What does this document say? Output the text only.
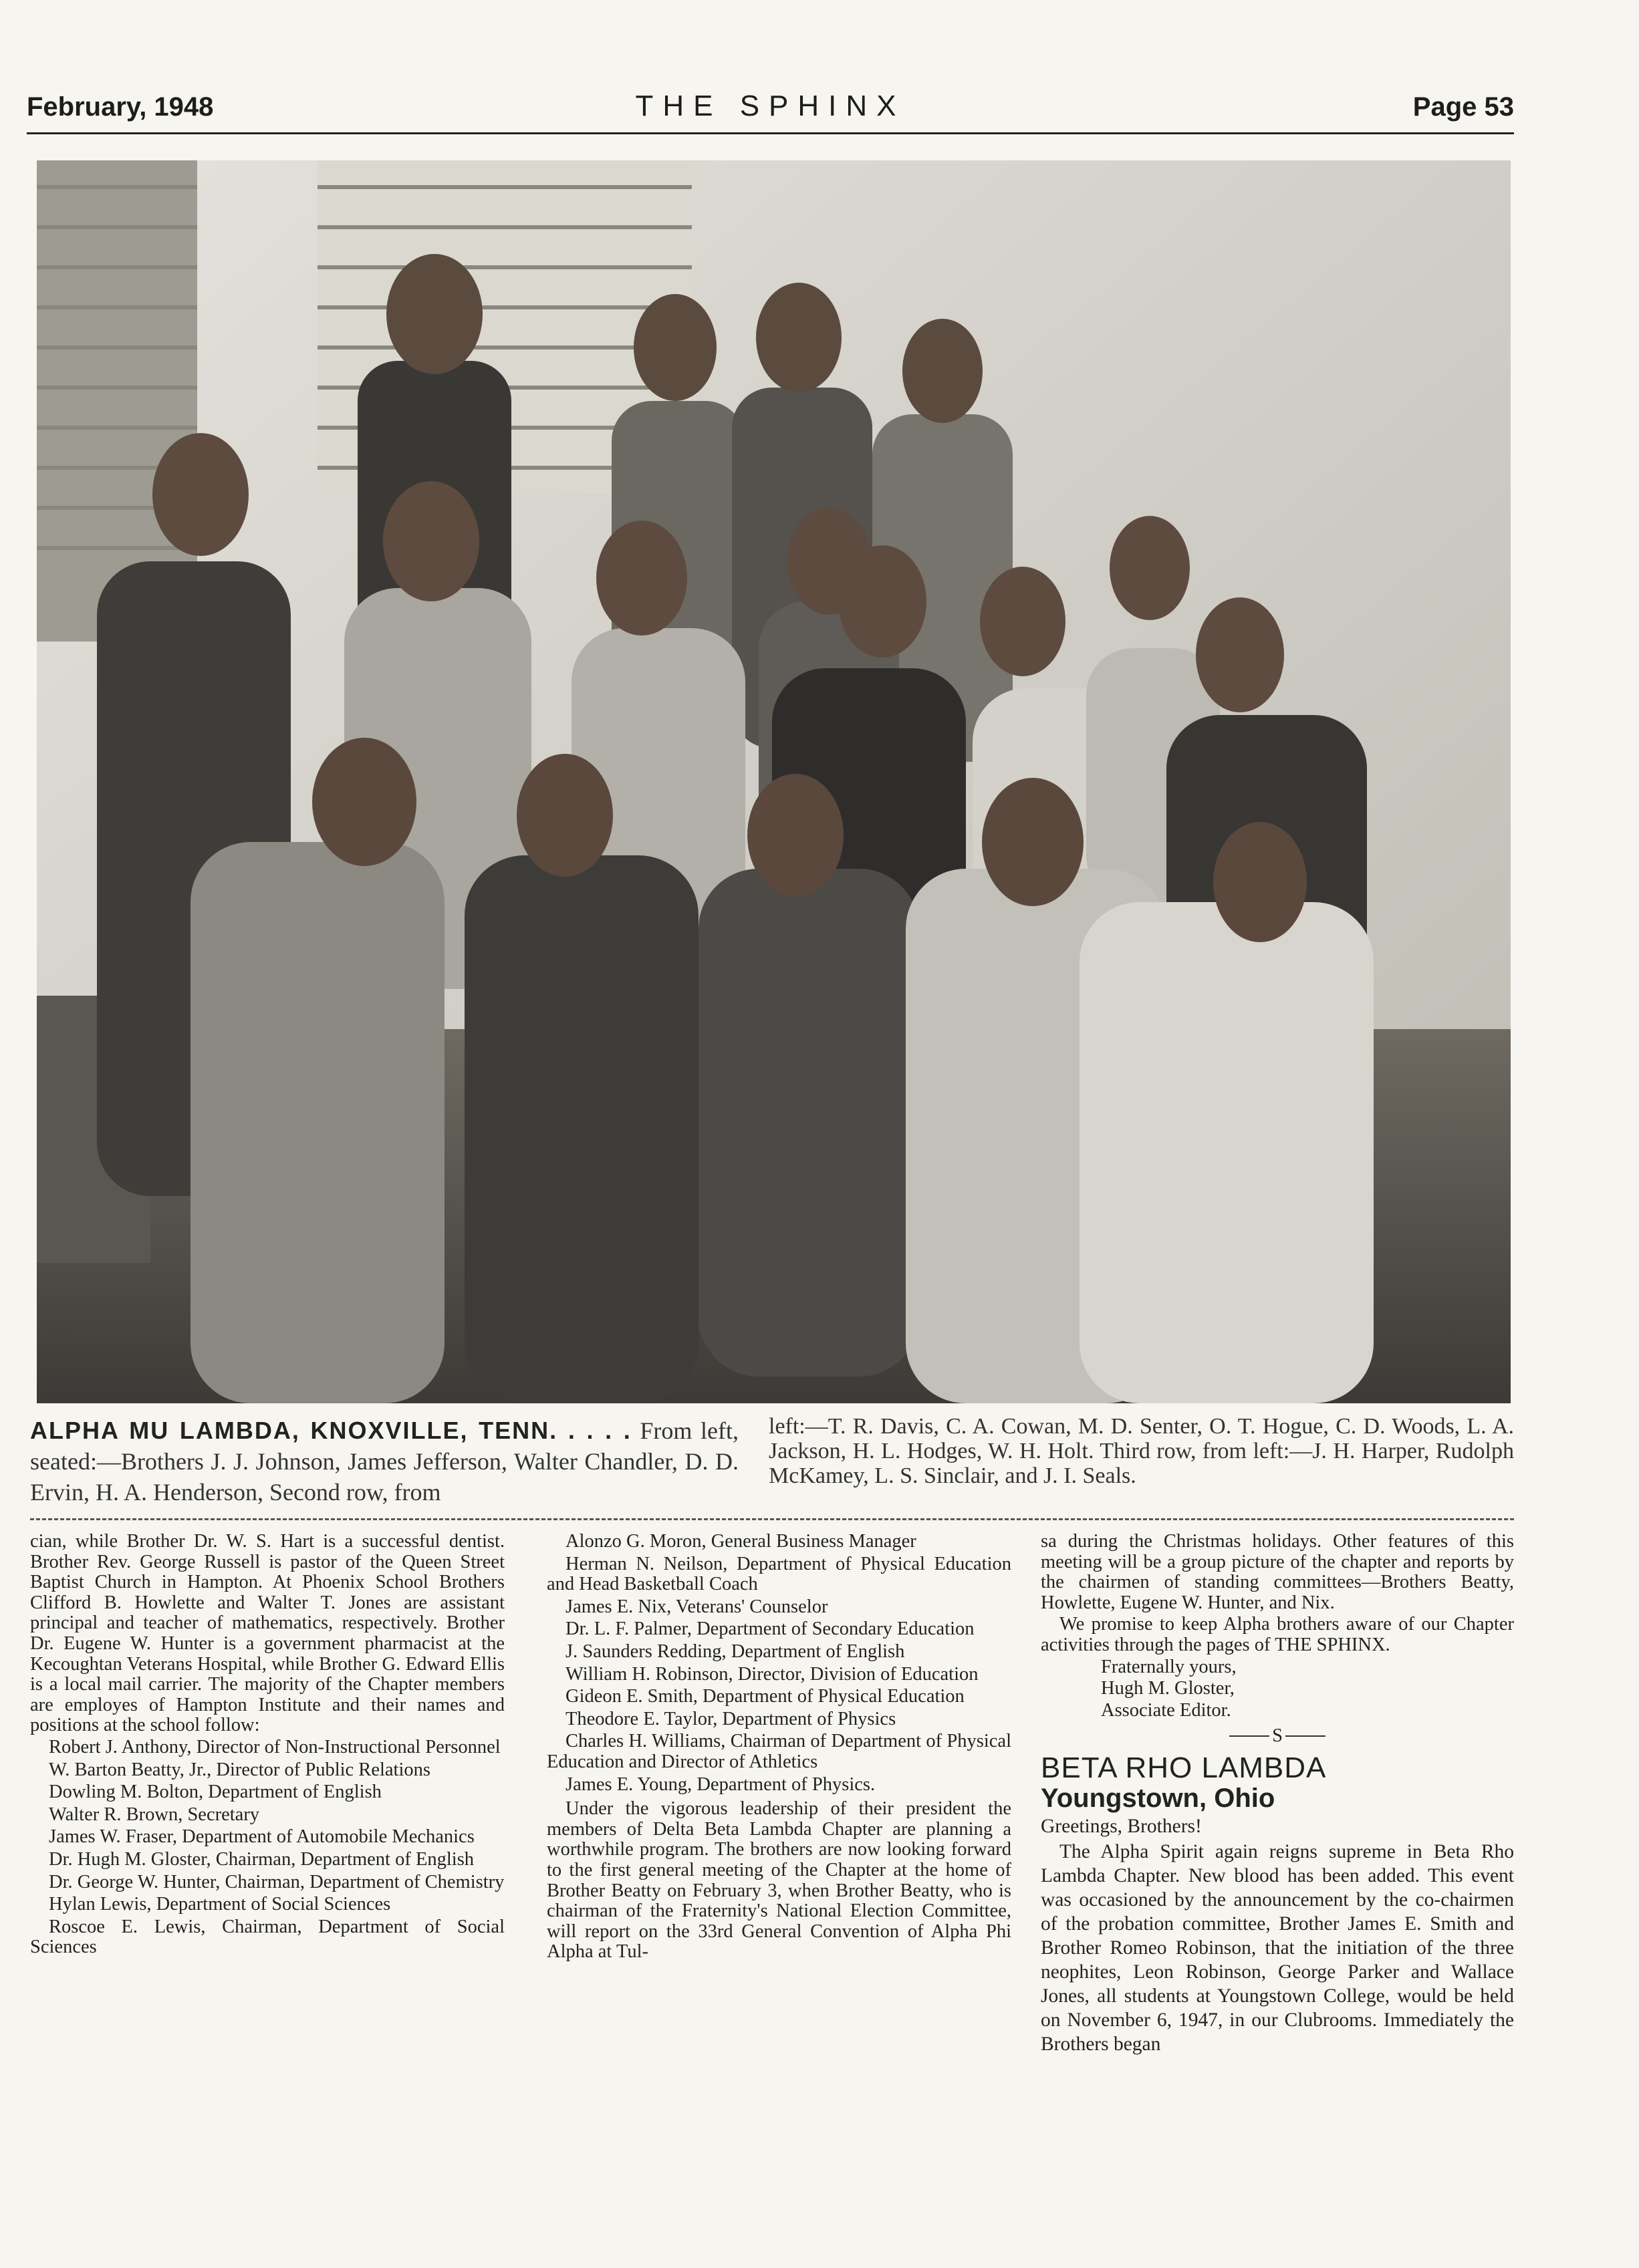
February, 1948	THE SPHINX	Page 53
ALPHA MU LAMBDA, KNOXVILLE, TENN. . . . . From left, seated:—Brothers J. J. Johnson, James Jefferson, Walter Chandler, D. D. Ervin, H. A. Henderson, Second row, from
left:—T. R. Davis, C. A. Cowan, M. D. Senter, O. T. Hogue, C. D. Woods, L. A. Jackson, H. L. Hodges, W. H. Holt. Third row, from left:—J. H. Harper, Rudolph McKamey, L. S. Sinclair, and J. I. Seals.

cian, while Brother Dr. W. S. Hart is a successful dentist. Brother Rev. George Russell is pastor of the Queen Street Baptist Church in Hampton. At Phoenix School Brothers Clifford B. Howlette and Walter T. Jones are assistant principal and teacher of mathematics, respectively. Brother Dr. Eugene W. Hunter is a government pharmacist at the Kecoughtan Veterans Hospital, while Brother G. Edward Ellis is a local mail carrier. The majority of the Chapter members are employes of Hampton Institute and their names and positions at the school follow:

Robert J. Anthony, Director of Non-Instructional Personnel

W. Barton Beatty, Jr., Director of Public Relations

Dowling M. Bolton, Department of English

Walter R. Brown, Secretary

James W. Fraser, Department of Automobile Mechanics

Dr. Hugh M. Gloster, Chairman, Department of English

Dr. George W. Hunter, Chairman, Department of Chemistry

Hylan Lewis, Department of Social Sciences

Roscoe E. Lewis, Chairman, Department of Social Sciences

Alonzo G. Moron, General Business Manager

Herman N. Neilson, Department of Physical Education and Head Basketball Coach

James E. Nix, Veterans' Counselor

Dr. L. F. Palmer, Department of Secondary Education

J. Saunders Redding, Department of English

William H. Robinson, Director, Division of Education

Gideon E. Smith, Department of Physical Education

Theodore E. Taylor, Department of Physics

Charles H. Williams, Chairman of Department of Physical Education and Director of Athletics

James E. Young, Department of Physics.

Under the vigorous leadership of their president the members of Delta Beta Lambda Chapter are planning a worthwhile program. The brothers are now looking forward to the first general meeting of the Chapter at the home of Brother Beatty on February 3, when Brother Beatty, who is chairman of the Fraternity's National Election Committee, will report on the 33rd General Convention of Alpha Phi Alpha at Tul-

sa during the Christmas holidays. Other features of this meeting will be a group picture of the chapter and reports by the chairmen of standing committees—Brothers Beatty, Howlette, Eugene W. Hunter, and Nix.

We promise to keep Alpha brothers aware of our Chapter activities through the pages of THE SPHINX.

Fraternally yours,

Hugh M. Gloster,

Associate Editor.

S
BETA RHO LAMBDA
Youngstown, Ohio

Greetings, Brothers!

The Alpha Spirit again reigns supreme in Beta Rho Lambda Chapter. New blood has been added. This event was occasioned by the announcement by the co-chairmen of the probation committee, Brother James E. Smith and Brother Romeo Robinson, that the initiation of the three neophites, Leon Robinson, George Parker and Wallace Jones, all students at Youngstown College, would be held on November 6, 1947, in our Clubrooms. Immediately the Brothers began
